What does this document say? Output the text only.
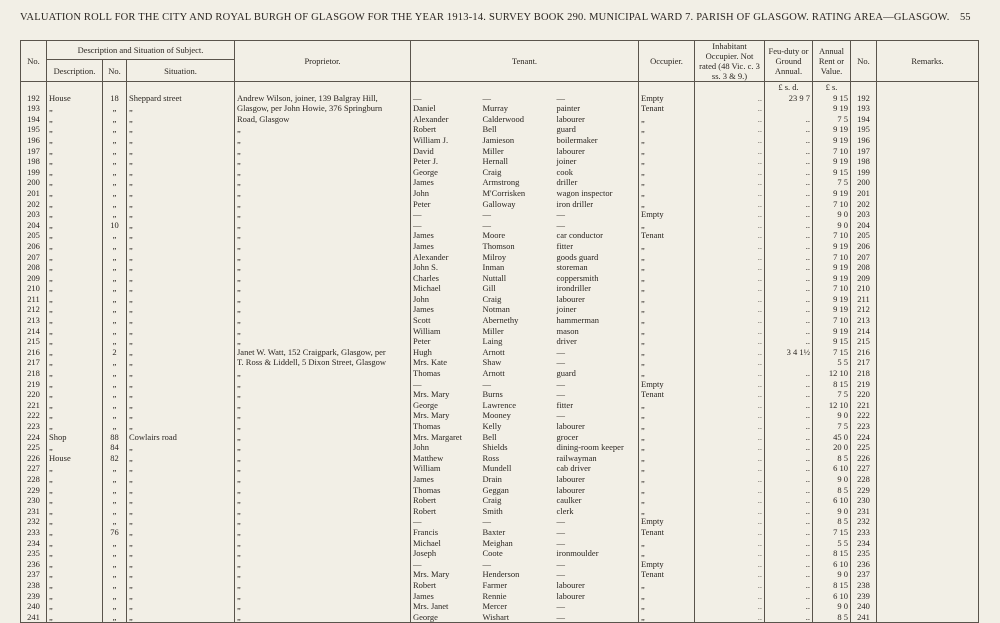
VALUATION ROLL FOR THE CITY AND ROYAL BURGH OF GLASGOW FOR THE YEAR 1913-14. SURVEY BOOK 290. MUNICIPAL WARD 7. PARISH OF GLASGOW. RATING AREA—GLASGOW. 55
No.	Description and Situation of Subject.			Proprietor.	Tenant.			Occupier.	Inhabitant Occupier. Not rated (48 Vic. c. 3 ss. 3 & 9.)	Feu-duty or Ground Annual.	Annual Rent or Value.	No.	Remarks.
	Description.	No.	Situation.										
										£ s. d.	£ s.		
192	House	18	Sheppard street	Andrew Wilson, joiner, 139 Balgray Hill,	—	—	—	Empty	..	23 9 7	9 15	192	
193	„	„	„	Glasgow, per John Howie, 376 Springburn	Daniel	Murray	painter	Tenant	..		9 19	193	
194	„	„	„	Road, Glasgow	Alexander	Calderwood	labourer	„	..	..	7 5	194	
195	„	„	„	„	Robert	Bell	guard	„	..	..	9 19	195	
196	„	„	„	„	William J.	Jamieson	boilermaker	„	..	..	9 19	196	
197	„	„	„	„	David	Miller	labourer	„	..	..	7 10	197	
198	„	„	„	„	Peter J.	Hernall	joiner	„	..	..	9 19	198	
199	„	„	„	„	George	Craig	cook	„	..	..	9 15	199	
200	„	„	„	„	James	Armstrong	driller	„	..	..	7 5	200	
201	„	„	„	„	John	M'Corrisken	wagon inspector	„	..	..	9 19	201	
202	„	„	„	„	Peter	Galloway	iron driller	„	..	..	7 10	202	
203	„	„	„	„	—	—	—	Empty	..	..	9 0	203	
204	„	10	„	„	—	—	—	„	..	..	9 0	204	
205	„	„	„	„	James	Moore	car conductor	Tenant	..	..	7 10	205	
206	„	„	„	„	James	Thomson	fitter	„	..	..	9 19	206	
207	„	„	„	„	Alexander	Milroy	goods guard	„	..	..	7 10	207	
208	„	„	„	„	John S.	Inman	storeman	„	..	..	9 19	208	
209	„	„	„	„	Charles	Nuttall	coppersmith	„	..	..	9 19	209	
210	„	„	„	„	Michael	Gill	irondriller	„	..	..	7 10	210	
211	„	„	„	„	John	Craig	labourer	„	..	..	9 19	211	
212	„	„	„	„	James	Notman	joiner	„	..	..	9 19	212	
213	„	„	„	„	Scott	Abernethy	hammerman	„	..	..	7 10	213	
214	„	„	„	„	William	Miller	mason	„	..	..	9 19	214	
215	„	„	„	„	Peter	Laing	driver	„	..	..	9 15	215	
216	„	2	„	Janet W. Watt, 152 Craigpark, Glasgow, per	Hugh	Arnott	—	„	..	3 4 1½	7 15	216	
217	„	„	„	T. Ross & Liddell, 5 Dixon Street, Glasgow	Mrs. Kate	Shaw	—	„	..		5 5	217	
218	„	„	„	„	Thomas	Arnott	guard	„	..	..	12 10	218	
219	„	„	„	„	—	—	—	Empty	..	..	8 15	219	
220	„	„	„	„	Mrs. Mary	Burns	—	Tenant	..	..	7 5	220	
221	„	„	„	„	George	Lawrence	fitter	„	..	..	12 10	221	
222	„	„	„	„	Mrs. Mary	Mooney	—	„	..	..	9 0	222	
223	„	„	„	„	Thomas	Kelly	labourer	„	..	..	7 5	223	
224	Shop	88	Cowlairs road	„	Mrs. Margaret	Bell	grocer	„	..	..	45 0	224	
225	„	84	„	„	John	Shields	dining-room keeper	„	..	..	20 0	225	
226	House	82	„	„	Matthew	Ross	railwayman	„	..	..	8 5	226	
227	„	„	„	„	William	Mundell	cab driver	„	..	..	6 10	227	
228	„	„	„	„	James	Drain	labourer	„	..	..	9 0	228	
229	„	„	„	„	Thomas	Geggan	labourer	„	..	..	8 5	229	
230	„	„	„	„	Robert	Craig	caulker	„	..	..	6 10	230	
231	„	„	„	„	Robert	Smith	clerk	„	..	..	9 0	231	
232	„	„	„	„	—	—	—	Empty	..	..	8 5	232	
233	„	76	„	„	Francis	Baxter	—	Tenant	..	..	7 15	233	
234	„	„	„	„	Michael	Meighan	—	„	..	..	5 5	234	
235	„	„	„	„	Joseph	Coote	ironmoulder	„	..	..	8 15	235	
236	„	„	„	„	—	—	—	Empty	..	..	6 10	236	
237	„	„	„	„	Mrs. Mary	Henderson	—	Tenant	..	..	9 0	237	
238	„	„	„	„	Robert	Farmer	labourer	„	..	..	8 15	238	
239	„	„	„	„	James	Rennie	labourer	„	..	..	6 10	239	
240	„	„	„	„	Mrs. Janet	Mercer	—	„	..	..	9 0	240	
241	„	„	„	„	George	Wishart	—	„	..	..	8 5	241	
